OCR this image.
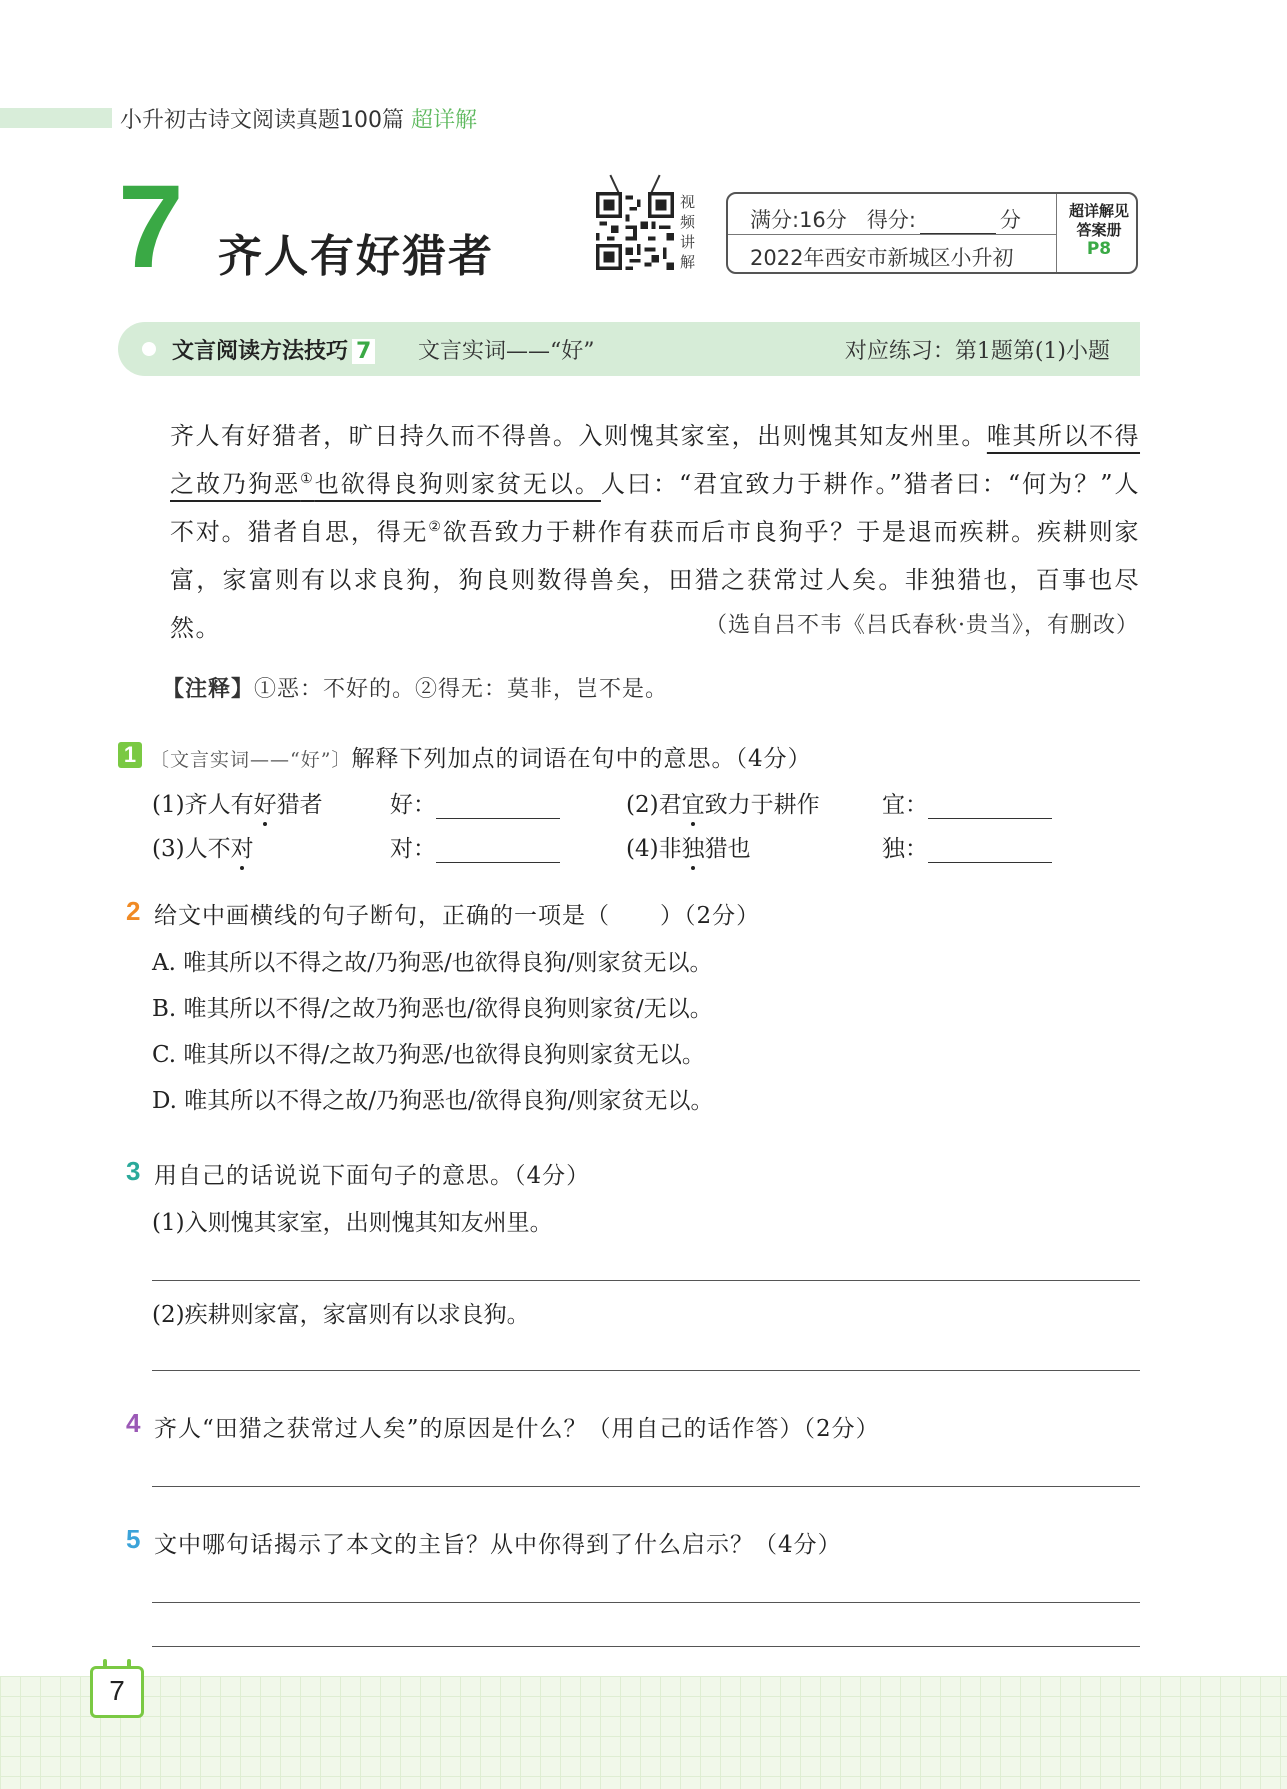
小升初古诗文阅读真题100篇 超详解
7 齐人有好猎者
视
频
讲
解
满分:16分 得分:	分
2022年西安市新城区小升初
超详解见
答案册
P8
文言阅读方法技巧 7 文言实词——“好”	对应练习：第1题第(1)小题
齐人有好猎者，旷日持久而不得兽。入则愧其家室，出则愧其知友州里。唯其所以不得之故乃狗恶①也欲得良狗则家贫无以。人曰：“君宜致力于耕作。”猎者曰：“何为？”人不对。猎者自思，得无②欲吾致力于耕作有获而后市良狗乎？于是退而疾耕。疾耕则家富，家富则有以求良狗，狗良则数得兽矣，田猎之获常过人矣。非独猎也，百事也尽然。	（选自吕不韦《吕氏春秋·贵当》，有删改）
【注释】①恶：不好的。②得无：莫非，岂不是。
1 〔文言实词——“好”〕解释下列加点的词语在句中的意思。（4分）
(1)齐人有好猎者	好：	(2)君宜致力于耕作	宜：
(3)人不对	对：	(4)非独猎也	独：
2 给文中画横线的句子断句，正确的一项是（ ）（2分）
A. 唯其所以不得之故/乃狗恶/也欲得良狗/则家贫无以。
B. 唯其所以不得/之故乃狗恶也/欲得良狗则家贫/无以。
C. 唯其所以不得/之故乃狗恶/也欲得良狗则家贫无以。
D. 唯其所以不得之故/乃狗恶也/欲得良狗/则家贫无以。
3 用自己的话说说下面句子的意思。（4分）
(1)入则愧其家室，出则愧其知友州里。
(2)疾耕则家富，家富则有以求良狗。
4 齐人“田猎之获常过人矣”的原因是什么？（用自己的话作答）（2分）
5 文中哪句话揭示了本文的主旨？从中你得到了什么启示？（4分）
7
